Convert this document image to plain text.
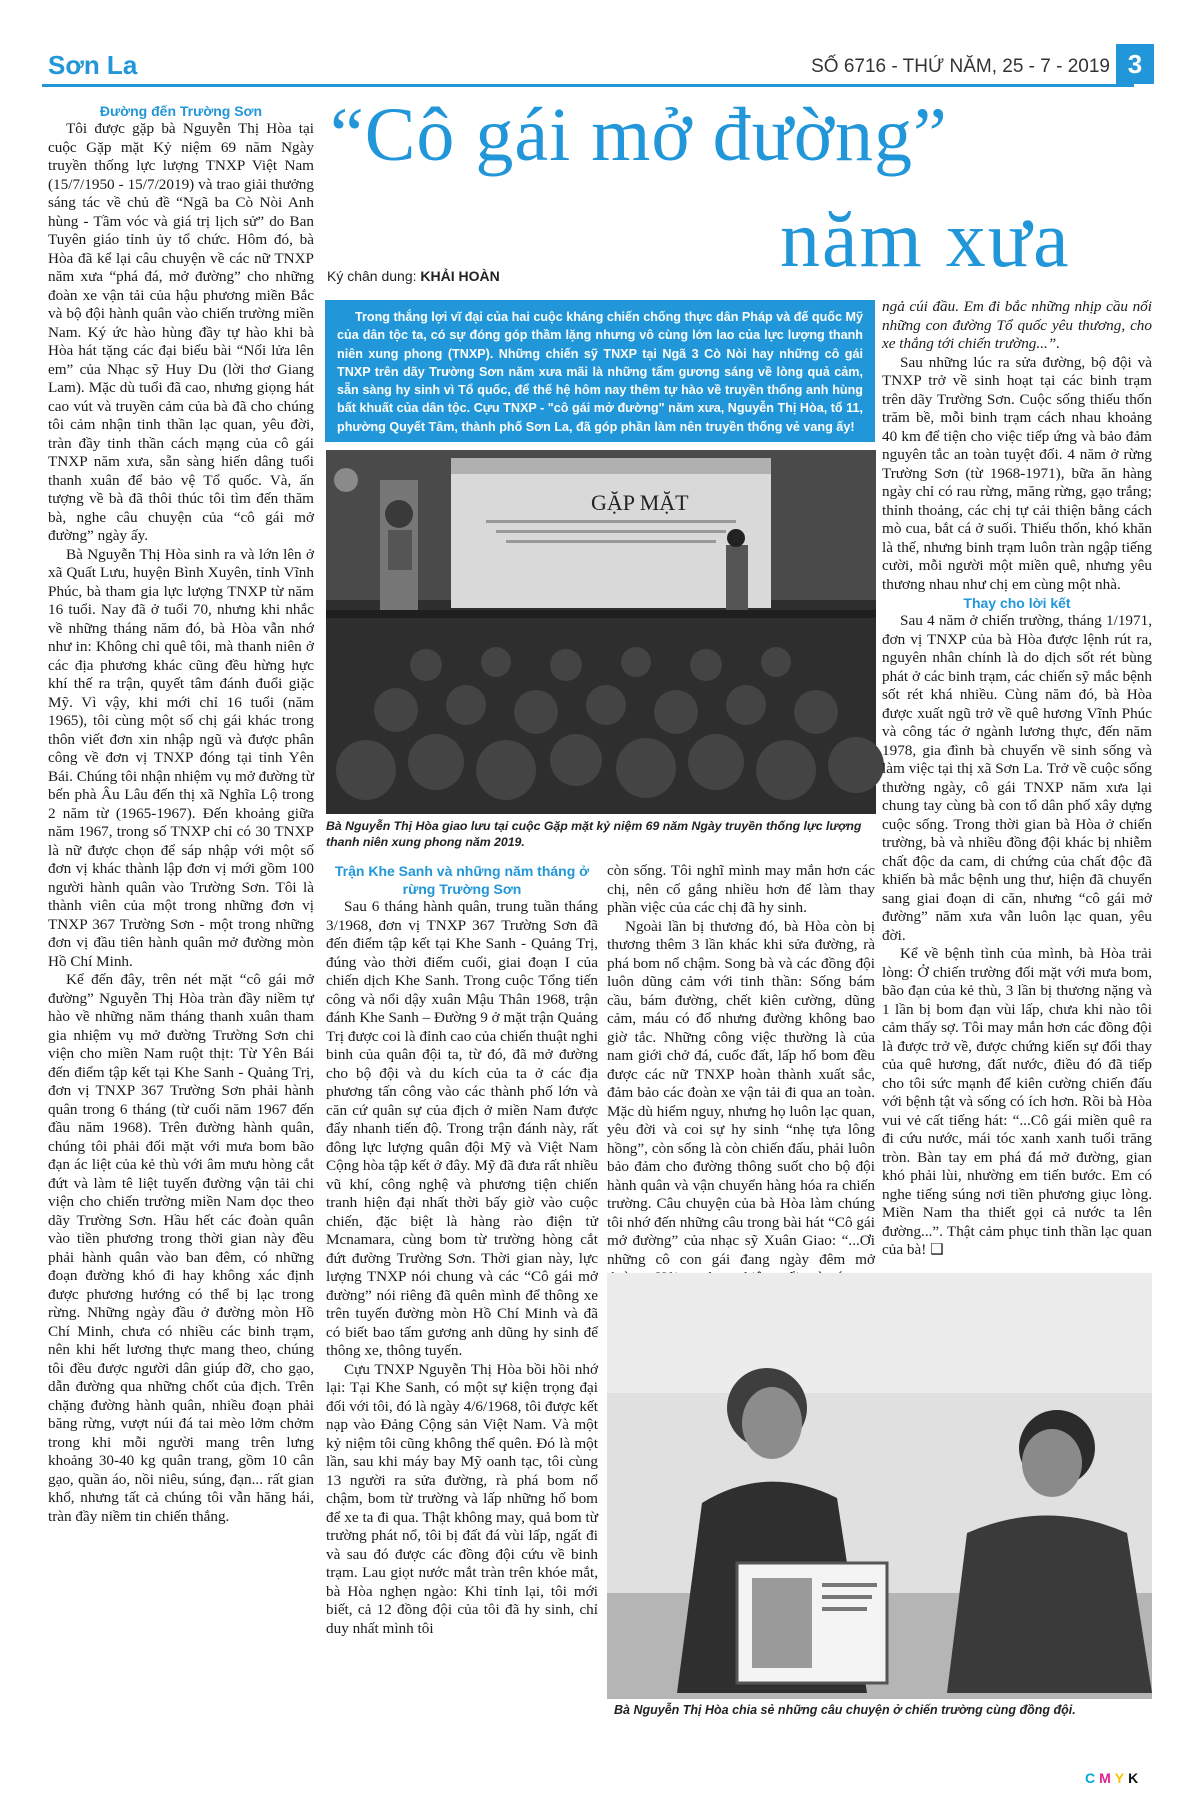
Sơn La	SỐ 6716 - THỨ NĂM, 25 - 7 - 2019 3
“Cô gái mở đường”
năm xưa
Ký chân dung: KHẢI HOÀN

Đường đến Trường Sơn

Tôi được gặp bà Nguyễn Thị Hòa tại cuộc Gặp mặt Kỷ niệm 69 năm Ngày truyền thống lực lượng TNXP Việt Nam (15/7/1950 - 15/7/2019) và trao giải thưởng sáng tác về chủ đề “Ngã ba Cò Nòi Anh hùng - Tầm vóc và giá trị lịch sử” do Ban Tuyên giáo tỉnh ủy tổ chức. Hôm đó, bà Hòa đã kể lại câu chuyện về các nữ TNXP năm xưa “phá đá, mở đường” cho những đoàn xe vận tải của hậu phương miền Bắc và bộ đội hành quân vào chiến trường miền Nam. Ký ức hào hùng đầy tự hào khi bà Hòa hát tặng các đại biểu bài “Nối lửa lên em” của Nhạc sỹ Huy Du (lời thơ Giang Lam). Mặc dù tuổi đã cao, nhưng giọng hát cao vút và truyền cảm của bà đã cho chúng tôi cảm nhận tinh thần lạc quan, yêu đời, tràn đầy tinh thần cách mạng của cô gái TNXP năm xưa, sẵn sàng hiến dâng tuổi thanh xuân để bảo vệ Tổ quốc. Và, ấn tượng về bà đã thôi thúc tôi tìm đến thăm bà, nghe câu chuyện của “cô gái mở đường” ngày ấy.

Bà Nguyễn Thị Hòa sinh ra và lớn lên ở xã Quất Lưu, huyện Bình Xuyên, tỉnh Vĩnh Phúc, bà tham gia lực lượng TNXP từ năm 16 tuổi. Nay đã ở tuổi 70, nhưng khi nhắc về những tháng năm đó, bà Hòa vẫn nhớ như in: Không chỉ quê tôi, mà thanh niên ở các địa phương khác cũng đều hừng hực khí thế ra trận, quyết tâm đánh đuổi giặc Mỹ. Vì vậy, khi mới chỉ 16 tuổi (năm 1965), tôi cùng một số chị gái khác trong thôn viết đơn xin nhập ngũ và được phân công về đơn vị TNXP đóng tại tỉnh Yên Bái. Chúng tôi nhận nhiệm vụ mở đường từ bến phà Âu Lâu đến thị xã Nghĩa Lộ trong 2 năm từ (1965-1967). Đến khoảng giữa năm 1967, trong số TNXP chỉ có 30 TNXP là nữ được chọn để sáp nhập với một số đơn vị khác thành lập đơn vị mới gồm 100 người hành quân vào Trường Sơn. Tôi là thành viên của một trong những đơn vị TNXP 367 Trường Sơn - một trong những đơn vị đầu tiên hành quân mở đường mòn Hồ Chí Minh.

Kể đến đây, trên nét mặt “cô gái mở đường” Nguyễn Thị Hòa tràn đầy niềm tự hào về những năm tháng thanh xuân tham gia nhiệm vụ mở đường Trường Sơn chi viện cho miền Nam ruột thịt: Từ Yên Bái đến điểm tập kết tại Khe Sanh - Quảng Trị, đơn vị TNXP 367 Trường Sơn phải hành quân trong 6 tháng (từ cuối năm 1967 đến đầu năm 1968). Trên đường hành quân, chúng tôi phải đối mặt với mưa bom bão đạn ác liệt của kẻ thù với âm mưu hòng cắt đứt và làm tê liệt tuyến đường vận tải chi viện cho chiến trường miền Nam dọc theo dãy Trường Sơn. Hầu hết các đoàn quân vào tiền phương trong thời gian này đều phải hành quân vào ban đêm, có những đoạn đường khó đi hay không xác định được phương hướng có thể bị lạc trong rừng. Những ngày đầu ở đường mòn Hồ Chí Minh, chưa có nhiều các binh trạm, nên khi hết lương thực mang theo, chúng tôi đều được người dân giúp đỡ, cho gạo, dẫn đường qua những chốt của địch. Trên chặng đường hành quân, nhiều đoạn phải băng rừng, vượt núi đá tai mèo lởm chởm trong khi mỗi người mang trên lưng khoảng 30-40 kg quân trang, gồm 10 cân gạo, quần áo, nồi niêu, súng, đạn... rất gian khổ, nhưng tất cả chúng tôi vẫn hăng hái, tràn đầy niềm tin chiến thắng.

Trong thắng lợi vĩ đại của hai cuộc kháng chiến chống thực dân Pháp và đế quốc Mỹ của dân tộc ta, có sự đóng góp thầm lặng nhưng vô cùng lớn lao của lực lượng thanh niên xung phong (TNXP). Những chiến sỹ TNXP tại Ngã 3 Cò Nòi hay những cô gái TNXP trên dãy Trường Sơn năm xưa mãi là những tấm gương sáng về lòng quả cảm, sẵn sàng hy sinh vì Tổ quốc, để thế hệ hôm nay thêm tự hào về truyền thống anh hùng bất khuất của dân tộc. Cựu TNXP - "cô gái mở đường" năm xưa, Nguyễn Thị Hòa, tổ 11, phường Quyết Tâm, thành phố Sơn La, đã góp phần làm nên truyền thống vẻ vang ấy!
GẶP MẶT
Bà Nguyễn Thị Hòa giao lưu tại cuộc Gặp mặt kỷ niệm 69 năm Ngày truyền thống lực lượng thanh niên xung phong năm 2019.

Trận Khe Sanh và những năm tháng ở rừng Trường Sơn

Sau 6 tháng hành quân, trung tuần tháng 3/1968, đơn vị TNXP 367 Trường Sơn đã đến điểm tập kết tại Khe Sanh - Quảng Trị, đúng vào thời điểm cuối, giai đoạn I của chiến dịch Khe Sanh. Trong cuộc Tổng tiến công và nổi dậy xuân Mậu Thân 1968, trận đánh Khe Sanh – Đường 9 ở mặt trận Quảng Trị được coi là đỉnh cao của chiến thuật nghi binh của quân đội ta, từ đó, đã mở đường cho bộ đội và du kích của ta ở các địa phương tấn công vào các thành phố lớn và căn cứ quân sự của địch ở miền Nam được đẩy nhanh tiến độ. Trong trận đánh này, rất đông lực lượng quân đội Mỹ và Việt Nam Cộng hòa tập kết ở đây. Mỹ đã đưa rất nhiều vũ khí, công nghệ và phương tiện chiến tranh hiện đại nhất thời bấy giờ vào cuộc chiến, đặc biệt là hàng rào điện tử Mcnamara, cùng bom từ trường hòng cắt đứt đường Trường Sơn. Thời gian này, lực lượng TNXP nói chung và các “Cô gái mở đường” nói riêng đã quên mình để thông xe trên tuyến đường mòn Hồ Chí Minh và đã có biết bao tấm gương anh dũng hy sinh để thông xe, thông tuyến.

Cựu TNXP Nguyễn Thị Hòa bồi hồi nhớ lại: Tại Khe Sanh, có một sự kiện trọng đại đối với tôi, đó là ngày 4/6/1968, tôi được kết nạp vào Đảng Cộng sản Việt Nam. Và một kỷ niệm tôi cũng không thể quên. Đó là một lần, sau khi máy bay Mỹ oanh tạc, tôi cùng 13 người ra sửa đường, rà phá bom nổ chậm, bom từ trường và lấp những hố bom để xe ta đi qua. Thật không may, quả bom từ trường phát nổ, tôi bị đất đá vùi lấp, ngất đi và sau đó được các đồng đội cứu về binh trạm. Lau giọt nước mắt tràn trên khóe mắt, bà Hòa nghẹn ngào: Khi tỉnh lại, tôi mới biết, cả 12 đồng đội của tôi đã hy sinh, chỉ duy nhất mình tôi

còn sống. Tôi nghĩ mình may mắn hơn các chị, nên cố gắng nhiều hơn để làm thay phần việc của các chị đã hy sinh.

Ngoài lần bị thương đó, bà Hòa còn bị thương thêm 3 lần khác khi sửa đường, rà phá bom nổ chậm. Song bà và các đồng đội luôn dũng cảm với tinh thần: Sống bám cầu, bám đường, chết kiên cường, dũng cảm, máu có đổ nhưng đường không bao giờ tắc. Những công việc thường là của nam giới chở đá, cuốc đất, lấp hố bom đều được các nữ TNXP hoàn thành xuất sắc, đảm bảo các đoàn xe vận tải đi qua an toàn. Mặc dù hiểm nguy, nhưng họ luôn lạc quan, yêu đời và coi sự hy sinh “nhẹ tựa lông hồng”, còn sống là còn chiến đấu, phải luôn bảo đảm cho đường thông suốt cho bộ đội hành quân và vận chuyển hàng hóa ra chiến trường. Câu chuyện của bà Hòa làm chúng tôi nhớ đến những câu trong bài hát “Cô gái mở đường” của nhạc sỹ Xuân Giao: “...Ơi những cô con gái đang ngày đêm mở

ngả cúi đầu. Em đi bắc những nhịp cầu nối những con đường Tổ quốc yêu thương, cho xe thắng tới chiến trường...”.

Sau những lúc ra sửa đường, bộ đội và TNXP trở về sinh hoạt tại các binh trạm trên dãy Trường Sơn. Cuộc sống thiếu thốn trăm bề, mỗi binh trạm cách nhau khoảng 40 km để tiện cho việc tiếp ứng và bảo đảm nguyên tắc an toàn tuyệt đối. 4 năm ở rừng Trường Sơn (từ 1968-1971), bữa ăn hàng ngày chỉ có rau rừng, măng rừng, gạo trắng; thỉnh thoảng, các chị tự cải thiện bằng cách mò cua, bắt cá ở suối. Thiếu thốn, khó khăn là thế, nhưng binh trạm luôn tràn ngập tiếng cười, mỗi người một miền quê, nhưng yêu thương nhau như chị em cùng một nhà.

Thay cho lời kết

Sau 4 năm ở chiến trường, tháng 1/1971, đơn vị TNXP của bà Hòa được lệnh rút ra, nguyên nhân chính là do dịch sốt rét bùng phát ở các binh trạm, các chiến sỹ mắc bệnh sốt rét khá nhiều. Cùng năm đó, bà Hòa được xuất ngũ trở về quê hương Vĩnh Phúc và công tác ở ngành lương thực, đến năm 1978, gia đình bà chuyển về sinh sống và làm việc tại thị xã Sơn La. Trở về cuộc sống thường ngày, cô gái TNXP năm xưa lại chung tay cùng bà con tổ dân phố xây dựng cuộc sống. Trong thời gian bà Hòa ở chiến trường, bà và nhiều đồng đội khác bị nhiễm chất độc da cam, di chứng của chất độc đã khiến bà mắc bệnh ung thư, hiện đã chuyển sang giai đoạn di căn, nhưng “cô gái mở đường” năm xưa vẫn luôn lạc quan, yêu đời.

Kể về bệnh tình của mình, bà Hòa trải lòng: Ở chiến trường đối mặt với mưa bom, bão đạn của kẻ thù, 3 lần bị thương nặng và 1 lần bị bom đạn vùi lấp, chưa khi nào tôi cảm thấy sợ. Tôi may mắn hơn các đồng đội là được trở về, được chứng kiến sự đổi thay của quê hương, đất nước, điều đó đã tiếp cho tôi sức mạnh để kiên cường chiến đấu với bệnh tật và sống có ích hơn. Rồi bà Hòa vui vẻ cất tiếng hát: “...Cô gái miền quê ra đi cứu nước, mái tóc xanh xanh tuổi trăng tròn. Bàn tay em phá đá mở đường, gian khó phải lùi, nhường em tiến bước. Em có nghe tiếng súng nơi tiền phương giục lòng. Miền Nam tha thiết gọi cả nước ta lên đường...”. Thật cảm phục tinh thần lạc quan của bà! ❑

Bà Nguyễn Thị Hòa chia sẻ những câu chuyện ở chiến trường cùng đồng đội.
CMYK
